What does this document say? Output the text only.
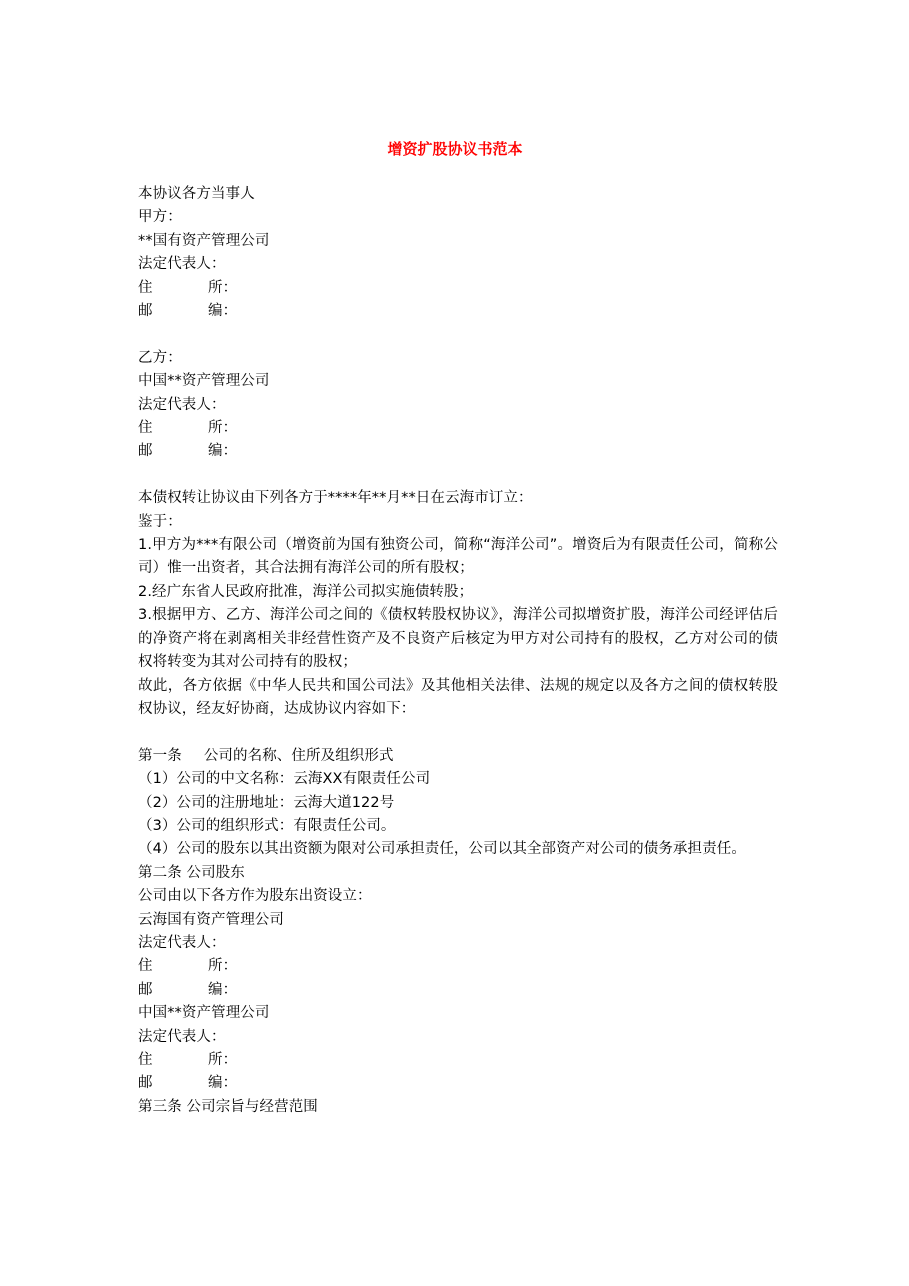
增资扩股协议书范本
本协议各方当事人
甲方：
**国有资产管理公司
法定代表人：
住	所：
邮	编：
乙方：
中国**资产管理公司
法定代表人：
住	所：
邮	编：
本债权转让协议由下列各方于****年**月**日在云海市订立：
鉴于：
1.甲方为***有限公司（增资前为国有独资公司，简称“海洋公司”。增资后为有限责任公司，简称公司）惟一出资者，其合法拥有海洋公司的所有股权；
2.经广东省人民政府批准，海洋公司拟实施债转股；
3.根据甲方、乙方、海洋公司之间的《债权转股权协议》，海洋公司拟增资扩股，海洋公司经评估后的净资产将在剥离相关非经营性资产及不良资产后核定为甲方对公司持有的股权，乙方对公司的债权将转变为其对公司持有的股权；
故此，各方依据《中华人民共和国公司法》及其他相关法律、法规的规定以及各方之间的债权转股权协议，经友好协商，达成协议内容如下：
第一条 公司的名称、住所及组织形式
（1）公司的中文名称：云海XX有限责任公司
（2）公司的注册地址：云海大道122号
（3）公司的组织形式：有限责任公司。
（4）公司的股东以其出资额为限对公司承担责任，公司以其全部资产对公司的债务承担责任。
第二条 公司股东
公司由以下各方作为股东出资设立：
云海国有资产管理公司
法定代表人：
住	所：
邮	编：
中国**资产管理公司
法定代表人：
住	所：
邮	编：
第三条 公司宗旨与经营范围
